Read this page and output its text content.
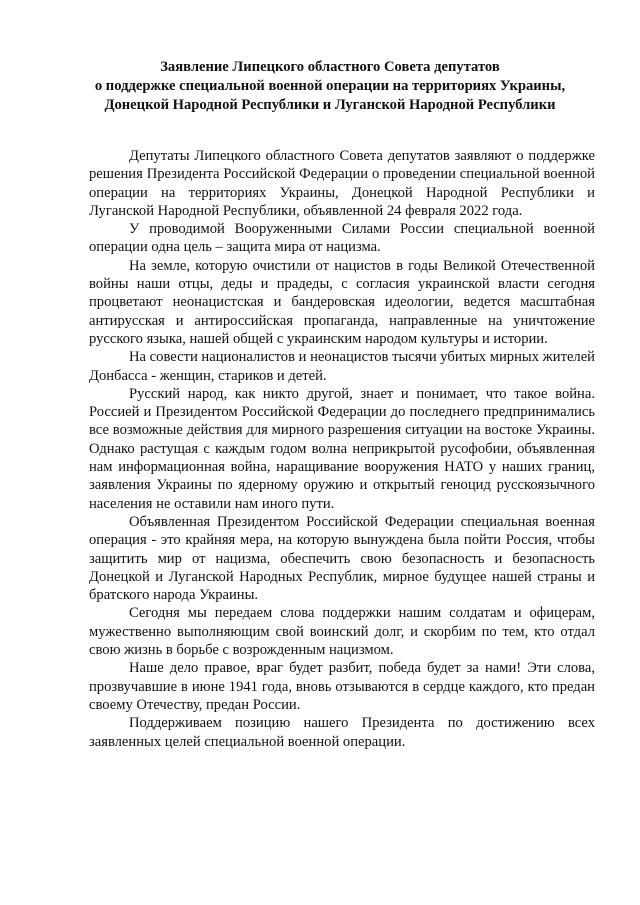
Заявление Липецкого областного Совета депутатов
о поддержке специальной военной операции на территориях Украины,
Донецкой Народной Республики и Луганской Народной Республики

Депутаты Липецкого областного Совета депутатов заявляют о поддержке решения Президента Российской Федерации о проведении специальной военной операции на территориях Украины, Донецкой Народной Республики и Луганской Народной Республики, объявленной 24 февраля 2022 года.

У проводимой Вооруженными Силами России специальной военной операции одна цель – защита мира от нацизма.

На земле, которую очистили от нацистов в годы Великой Отечественной войны наши отцы, деды и прадеды, с согласия украинской власти сегодня процветают неонацистская и бандеровская идеологии, ведется масштабная антирусская и антироссийская пропаганда, направленные на уничтожение русского языка, нашей общей с украинским народом культуры и истории.

На совести националистов и неонацистов тысячи убитых мирных жителей Донбасса - женщин, стариков и детей.

Русский народ, как никто другой, знает и понимает, что такое война. Россией и Президентом Российской Федерации до последнего предпринимались все возможные действия для мирного разрешения ситуации на востоке Украины. Однако растущая с каждым годом волна неприкрытой русофобии, объявленная нам информационная война, наращивание вооружения НАТО у наших границ, заявления Украины по ядерному оружию и открытый геноцид русскоязычного населения не оставили нам иного пути.

Объявленная Президентом Российской Федерации специальная военная операция - это крайняя мера, на которую вынуждена была пойти Россия, чтобы защитить мир от нацизма, обеспечить свою безопасность и безопасность Донецкой и Луганской Народных Республик, мирное будущее нашей страны и братского народа Украины.

Сегодня мы передаем слова поддержки нашим солдатам и офицерам, мужественно выполняющим свой воинский долг, и скорбим по тем, кто отдал свою жизнь в борьбе с возрожденным нацизмом.

Наше дело правое, враг будет разбит, победа будет за нами! Эти слова, прозвучавшие в июне 1941 года, вновь отзываются в сердце каждого, кто предан своему Отечеству, предан России.

Поддерживаем позицию нашего Президента по достижению всех заявленных целей специальной военной операции.
